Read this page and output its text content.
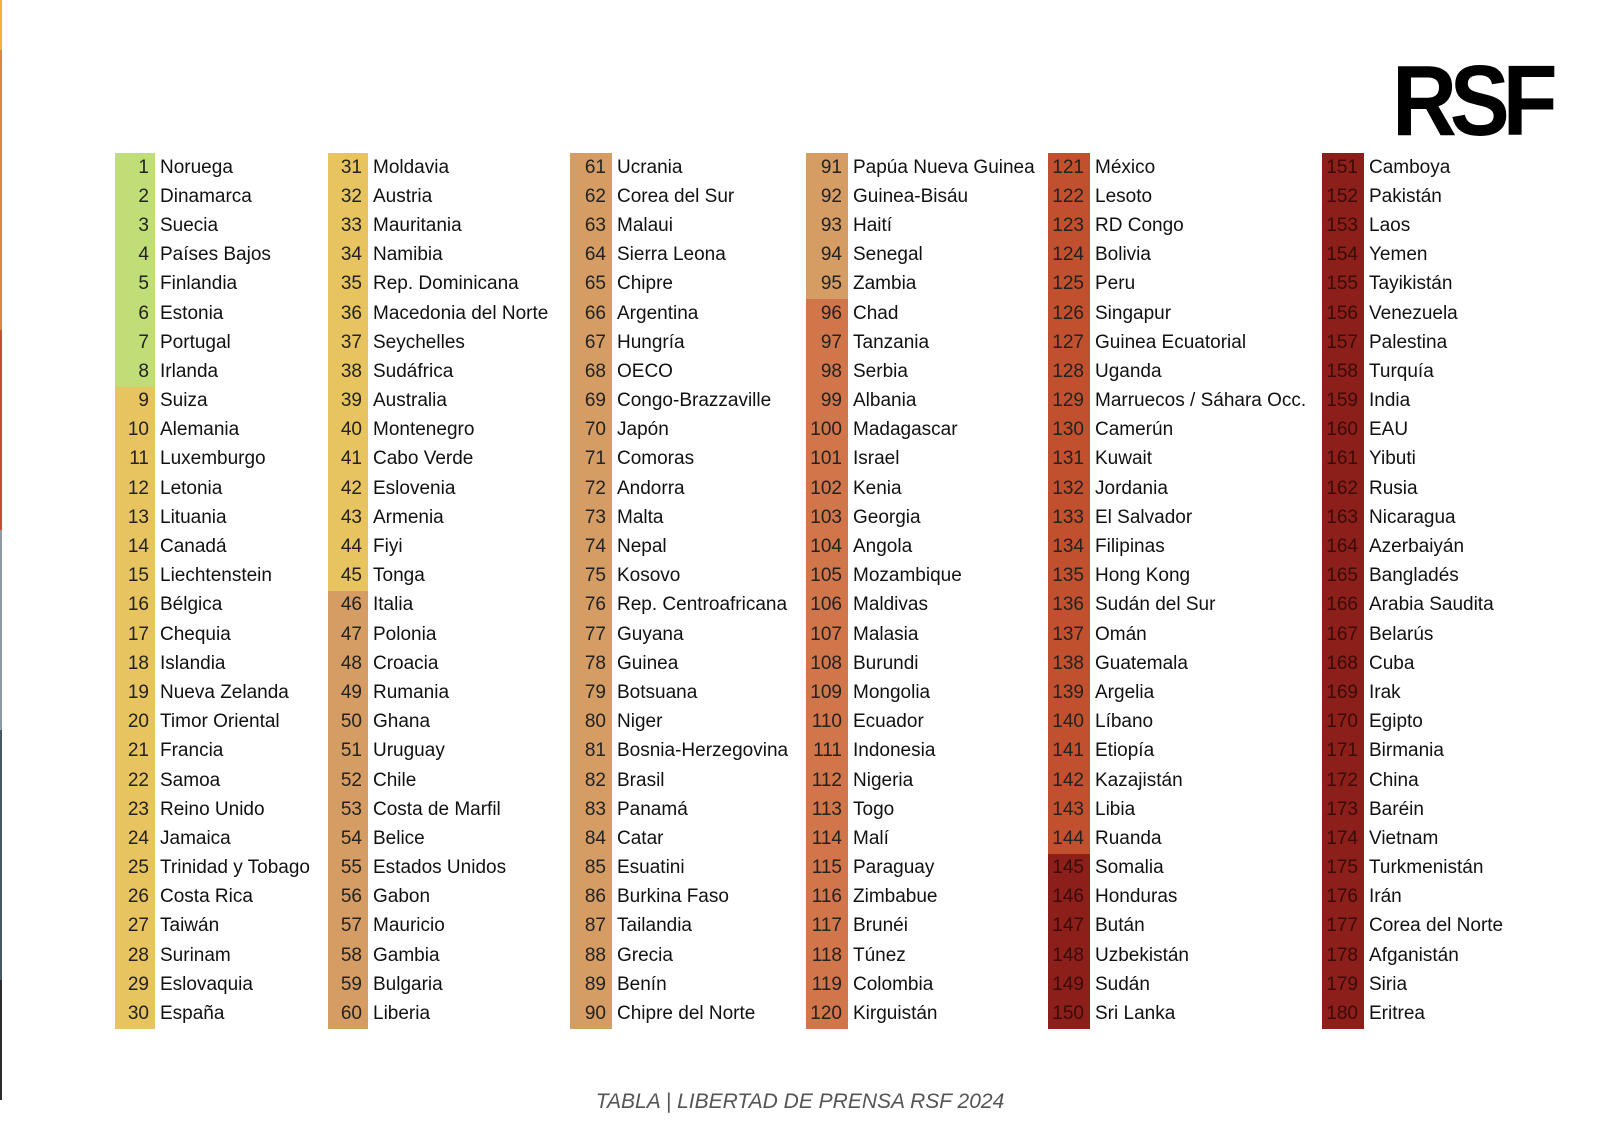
RSF
1 Noruega
2 Dinamarca
3 Suecia
4 Países Bajos
5 Finlandia
6 Estonia
7 Portugal
8 Irlanda
9 Suiza
10 Alemania
11 Luxemburgo
12 Letonia
13 Lituania
14 Canadá
15 Liechtenstein
16 Bélgica
17 Chequia
18 Islandia
19 Nueva Zelanda
20 Timor Oriental
21 Francia
22 Samoa
23 Reino Unido
24 Jamaica
25 Trinidad y Tobago
26 Costa Rica
27 Taiwán
28 Surinam
29 Eslovaquia
30 España
31 Moldavia
32 Austria
33 Mauritania
34 Namibia
35 Rep. Dominicana
36 Macedonia del Norte
37 Seychelles
38 Sudáfrica
39 Australia
40 Montenegro
41 Cabo Verde
42 Eslovenia
43 Armenia
44 Fiyi
45 Tonga
46 Italia
47 Polonia
48 Croacia
49 Rumania
50 Ghana
51 Uruguay
52 Chile
53 Costa de Marfil
54 Belice
55 Estados Unidos
56 Gabon
57 Mauricio
58 Gambia
59 Bulgaria
60 Liberia
61 Ucrania
62 Corea del Sur
63 Malaui
64 Sierra Leona
65 Chipre
66 Argentina
67 Hungría
68 OECO
69 Congo-Brazzaville
70 Japón
71 Comoras
72 Andorra
73 Malta
74 Nepal
75 Kosovo
76 Rep. Centroafricana
77 Guyana
78 Guinea
79 Botsuana
80 Niger
81 Bosnia-Herzegovina
82 Brasil
83 Panamá
84 Catar
85 Esuatini
86 Burkina Faso
87 Tailandia
88 Grecia
89 Benín
90 Chipre del Norte
91 Papúa Nueva Guinea
92 Guinea-Bisáu
93 Haití
94 Senegal
95 Zambia
96 Chad
97 Tanzania
98 Serbia
99 Albania
100 Madagascar
101 Israel
102 Kenia
103 Georgia
104 Angola
105 Mozambique
106 Maldivas
107 Malasia
108 Burundi
109 Mongolia
110 Ecuador
111 Indonesia
112 Nigeria
113 Togo
114 Malí
115 Paraguay
116 Zimbabue
117 Brunéi
118 Túnez
119 Colombia
120 Kirguistán
121 México
122 Lesoto
123 RD Congo
124 Bolivia
125 Peru
126 Singapur
127 Guinea Ecuatorial
128 Uganda
129 Marruecos / Sáhara Occ.
130 Camerún
131 Kuwait
132 Jordania
133 El Salvador
134 Filipinas
135 Hong Kong
136 Sudán del Sur
137 Omán
138 Guatemala
139 Argelia
140 Líbano
141 Etiopía
142 Kazajistán
143 Libia
144 Ruanda
145 Somalia
146 Honduras
147 Bután
148 Uzbekistán
149 Sudán
150 Sri Lanka
151 Camboya
152 Pakistán
153 Laos
154 Yemen
155 Tayikistán
156 Venezuela
157 Palestina
158 Turquía
159 India
160 EAU
161 Yibuti
162 Rusia
163 Nicaragua
164 Azerbaiyán
165 Bangladés
166 Arabia Saudita
167 Belarús
168 Cuba
169 Irak
170 Egipto
171 Birmania
172 China
173 Baréin
174 Vietnam
175 Turkmenistán
176 Irán
177 Corea del Norte
178 Afganistán
179 Siria
180 Eritrea
TABLA | LIBERTAD DE PRENSA RSF 2024
